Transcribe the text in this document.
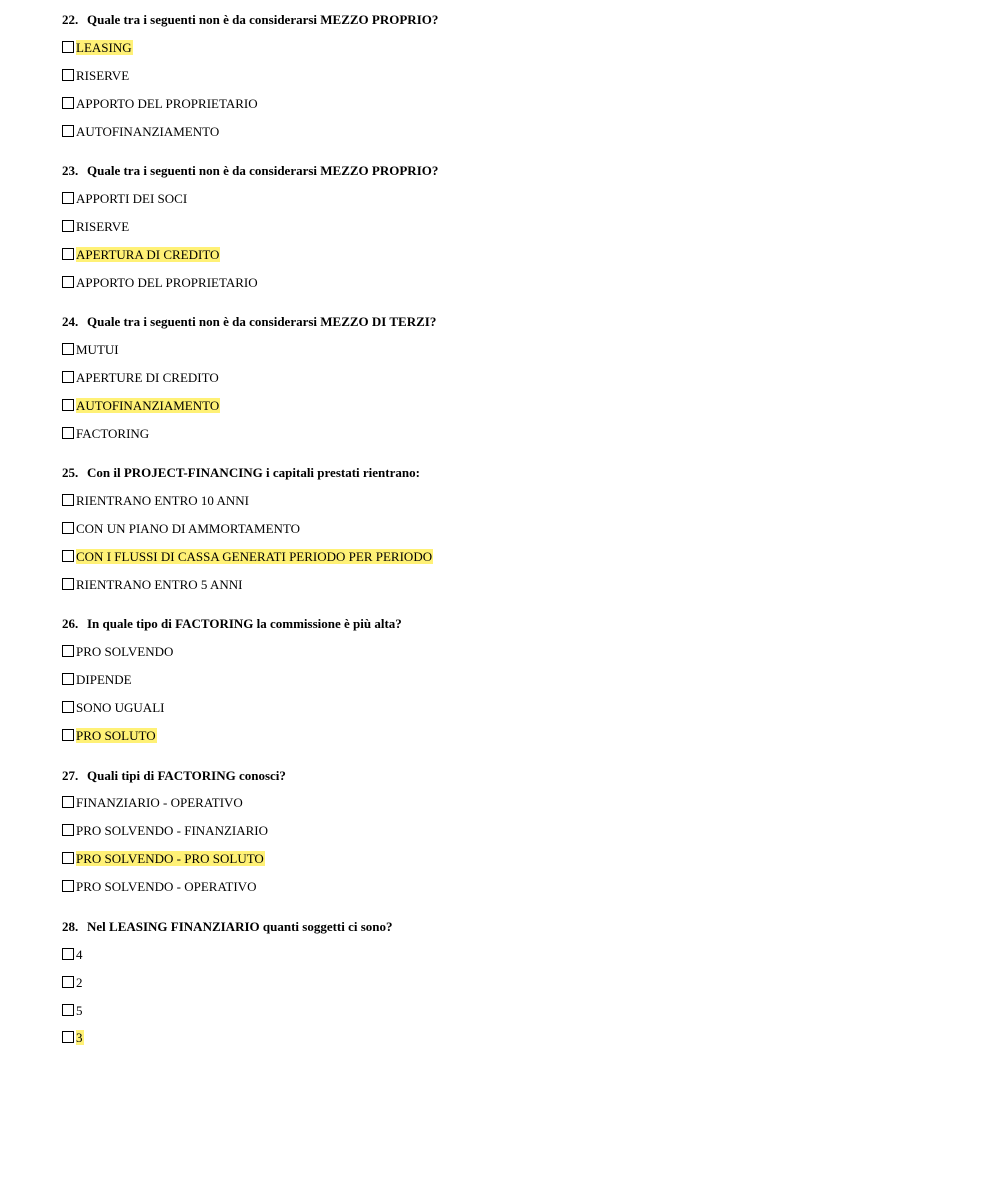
22. Quale tra i seguenti non è da considerarsi MEZZO PROPRIO?
LEASING
RISERVE
APPORTO DEL PROPRIETARIO
AUTOFINANZIAMENTO
23. Quale tra i seguenti non è da considerarsi MEZZO PROPRIO?
APPORTI DEI SOCI
RISERVE
APERTURA DI CREDITO
APPORTO DEL PROPRIETARIO
24. Quale tra i seguenti non è da considerarsi MEZZO DI TERZI?
MUTUI
APERTURE DI CREDITO
AUTOFINANZIAMENTO
FACTORING
25. Con il PROJECT-FINANCING i capitali prestati rientrano:
RIENTRANO ENTRO 10 ANNI
CON UN PIANO DI AMMORTAMENTO
CON I FLUSSI DI CASSA GENERATI PERIODO PER PERIODO
RIENTRANO ENTRO 5 ANNI
26. In quale tipo di FACTORING la commissione è più alta?
PRO SOLVENDO
DIPENDE
SONO UGUALI
PRO SOLUTO
27. Quali tipi di FACTORING conosci?
FINANZIARIO - OPERATIVO
PRO SOLVENDO - FINANZIARIO
PRO SOLVENDO - PRO SOLUTO
PRO SOLVENDO - OPERATIVO
28. Nel LEASING FINANZIARIO quanti soggetti ci sono?
4
2
5
3
